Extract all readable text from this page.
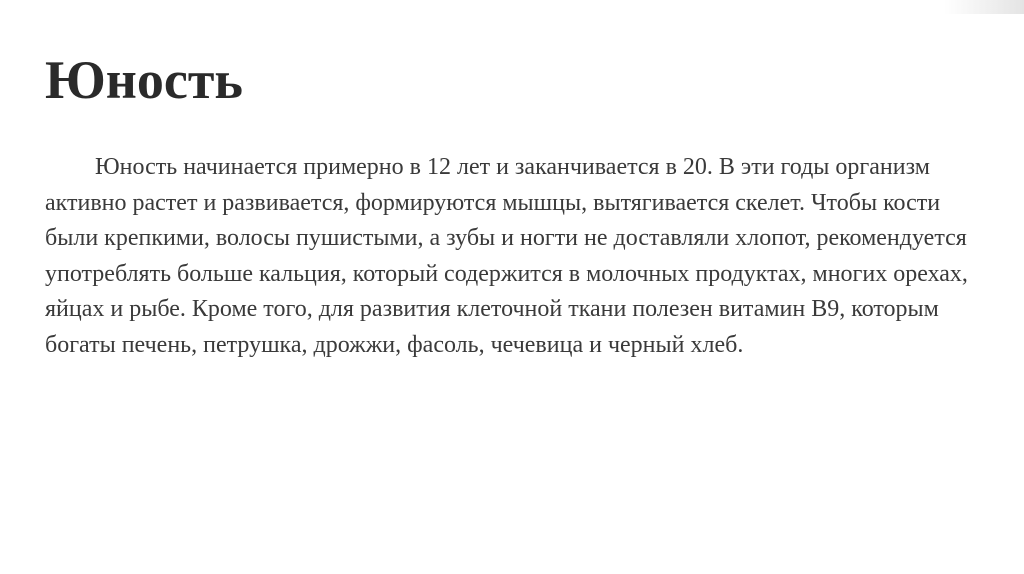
Юность

Юность начинается примерно в 12 лет и заканчивается в 20. В эти годы организм активно растет и развивается, формируются мышцы, вытягивается скелет. Чтобы кости были крепкими, волосы пушистыми, а зубы и ногти не доставляли хлопот, рекомендуется употреблять больше кальция, который содержится в молочных продуктах, многих орехах, яйцах и рыбе. Кроме того, для развития клеточной ткани полезен витамин В9, которым богаты печень, петрушка, дрожжи, фасоль, чечевица и черный хлеб.
